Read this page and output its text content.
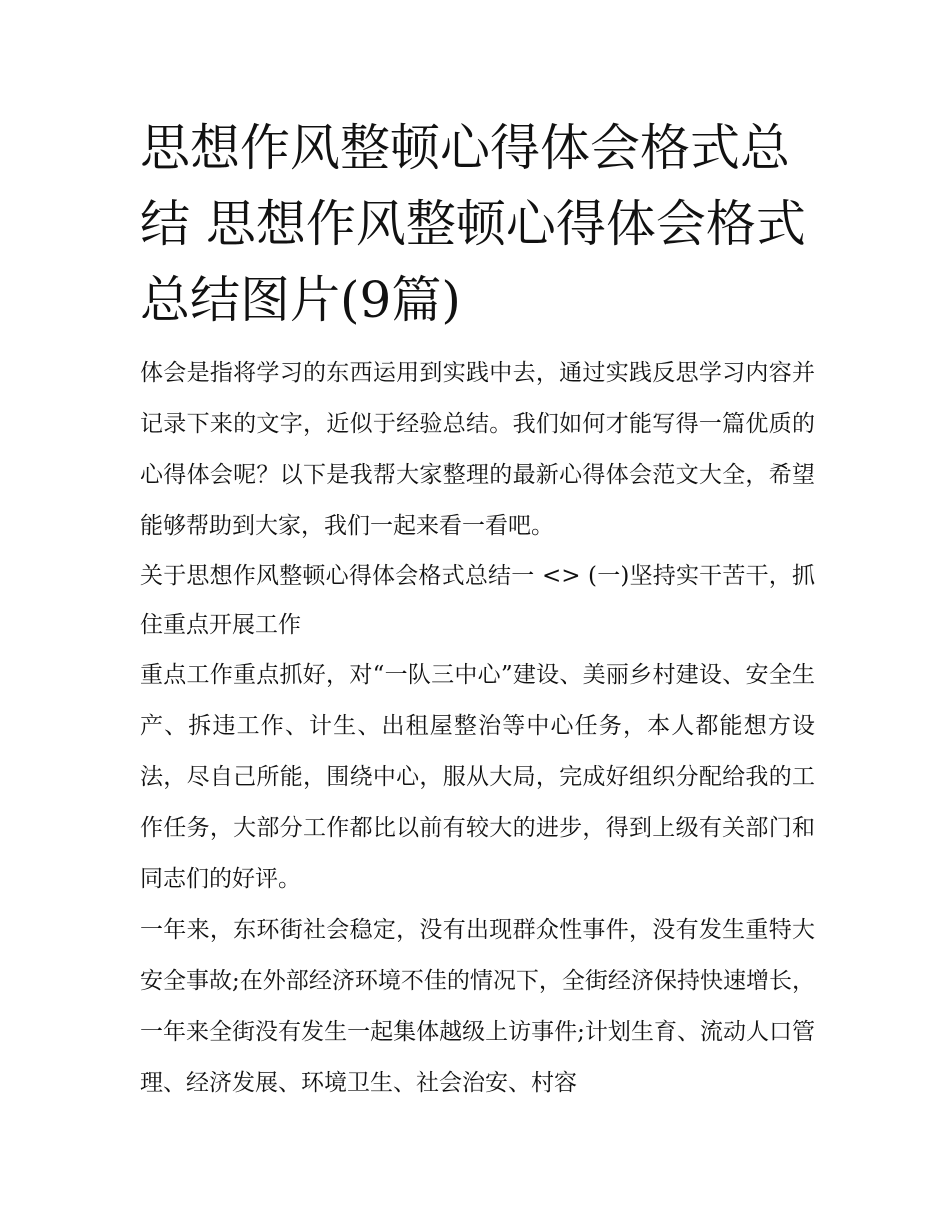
思想作风整顿心得体会格式总结 思想作风整顿心得体会格式总结图片(9篇)

体会是指将学习的东西运用到实践中去，通过实践反思学习内容并记录下来的文字，近似于经验总结。我们如何才能写得一篇优质的心得体会呢？以下是我帮大家整理的最新心得体会范文大全，希望能够帮助到大家，我们一起来看一看吧。

关于思想作风整顿心得体会格式总结一 <> (一)坚持实干苦干，抓住重点开展工作

重点工作重点抓好，对“一队三中心”建设、美丽乡村建设、安全生产、拆违工作、计生、出租屋整治等中心任务，本人都能想方设法，尽自己所能，围绕中心，服从大局，完成好组织分配给我的工作任务，大部分工作都比以前有较大的进步，得到上级有关部门和同志们的好评。

一年来，东环街社会稳定，没有出现群众性事件，没有发生重特大安全事故;在外部经济环境不佳的情况下，全街经济保持快速增长，一年来全街没有发生一起集体越级上访事件;计划生育、流动人口管理、经济发展、环境卫生、社会治安、村容
